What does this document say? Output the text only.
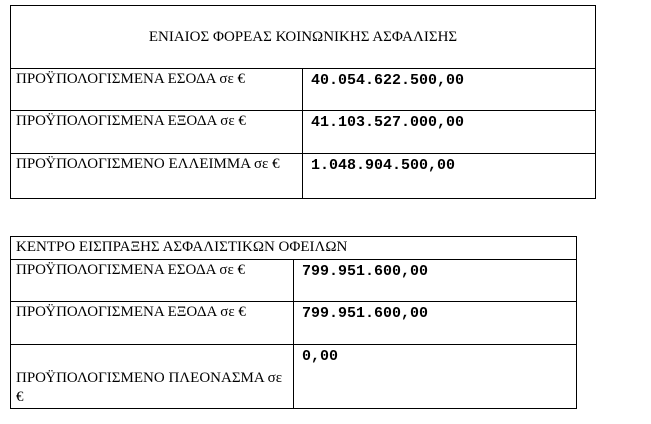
ΕΝΙΑΙΟΣ ΦΟΡΕΑΣ ΚΟΙΝΩΝΙΚΗΣ ΑΣΦΑΛΙΣΗΣ	
ΠΡΟΫΠΟΛΟΓΙΣΜΕΝΑ ΕΣΟΔΑ σε €	40.054.622.500,00
ΠΡΟΫΠΟΛΟΓΙΣΜΕΝΑ ΕΞΟΔΑ σε €	41.103.527.000,00
ΠΡΟΫΠΟΛΟΓΙΣΜΕΝΟ ΕΛΛΕΙΜΜΑ σε €	1.048.904.500,00
ΚΕΝΤΡΟ ΕΙΣΠΡΑΞΗΣ ΑΣΦΑΛΙΣΤΙΚΩΝ ΟΦΕΙΛΩΝ	
ΠΡΟΫΠΟΛΟΓΙΣΜΕΝΑ ΕΣΟΔΑ σε €	799.951.600,00
ΠΡΟΫΠΟΛΟΓΙΣΜΕΝΑ ΕΞΟΔΑ σε €	799.951.600,00
ΠΡΟΫΠΟΛΟΓΙΣΜΕΝΟ ΠΛΕΟΝΑΣΜΑ σε €	0,00
